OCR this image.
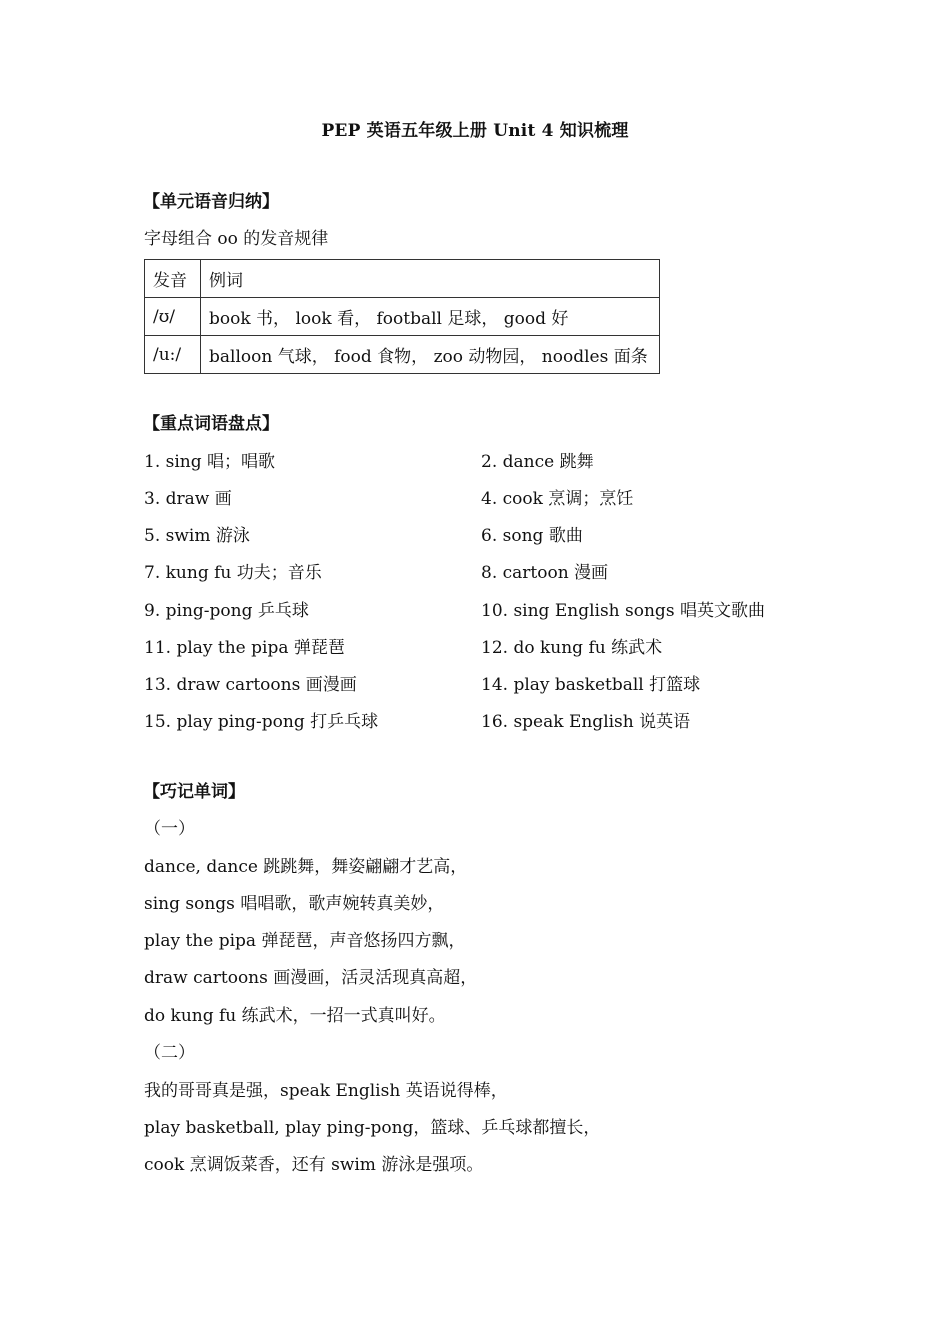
PEP 英语五年级上册 Unit 4 知识梳理
【单元语音归纳】
字母组合 oo 的发音规律
发音	例词
/ʊ/	book 书， look 看， football 足球， good 好
/u:/	balloon 气球， food 食物， zoo 动物园， noodles 面条
【重点词语盘点】
1. sing 唱；唱歌	2. dance 跳舞
3. draw 画	4. cook 烹调；烹饪
5. swim 游泳	6. song 歌曲
7. kung fu 功夫；音乐	8. cartoon 漫画
9. ping-pong 乒乓球	10. sing English songs 唱英文歌曲
11. play the pipa 弹琵琶	12. do kung fu 练武术
13. draw cartoons 画漫画	14. play basketball 打篮球
15. play ping-pong 打乒乓球	16. speak English 说英语
【巧记单词】
（一）
dance, dance 跳跳舞，舞姿翩翩才艺高，
sing songs 唱唱歌，歌声婉转真美妙，
play the pipa 弹琵琶，声音悠扬四方飘，
draw cartoons 画漫画，活灵活现真高超，
do kung fu 练武术，一招一式真叫好。
（二）
我的哥哥真是强，speak English 英语说得棒，
play basketball, play ping-pong，篮球、乒乓球都擅长，
cook 烹调饭菜香，还有 swim 游泳是强项。
